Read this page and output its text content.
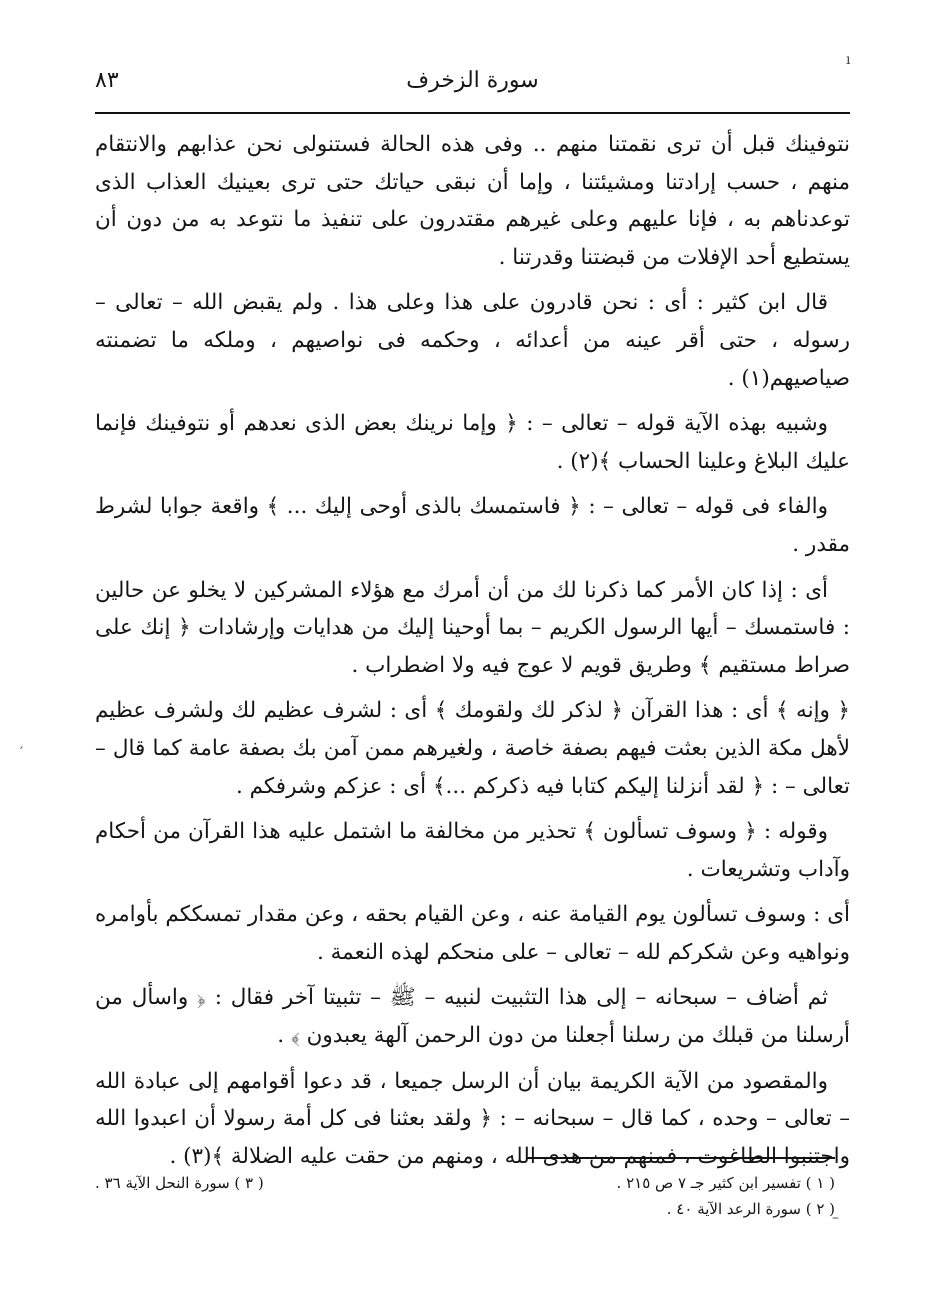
سورة الزخرف
٨٣

نتوفينك قبل أن ترى نقمتنا منهم .. وفى هذه الحالة فستنولى نحن عذابهم والانتقام منهم ، حسب إرادتنا ومشيئتنا ، وإما أن نبقى حياتك حتى ترى بعينيك العذاب الذى توعدناهم به ، فإنا عليهم وعلى غيرهم مقتدرون على تنفيذ ما نتوعد به من دون أن يستطيع أحد الإفلات من قبضتنا وقدرتنا .

قال ابن كثير : أى : نحن قادرون على هذا وعلى هذا . ولم يقبض الله – تعالى – رسوله ، حتى أقر عينه من أعدائه ، وحكمه فى نواصيهم ، وملكه ما تضمنته صياصيهم(١) .

وشبيه بهذه الآية قوله – تعالى – : ﴿ وإما نرينك بعض الذى نعدهم أو نتوفينك فإنما عليك البلاغ وعلينا الحساب ﴾(٢) .

والفاء فى قوله – تعالى – : ﴿ فاستمسك بالذى أوحى إليك ... ﴾ واقعة جوابا لشرط مقدر .

أى : إذا كان الأمر كما ذكرنا لك من أن أمرك مع هؤلاء المشركين لا يخلو عن حالين : فاستمسك – أيها الرسول الكريم – بما أوحينا إليك من هدايات وإرشادات ﴿ إنك على صراط مستقيم ﴾ وطريق قويم لا عوج فيه ولا اضطراب .

﴿ وإنه ﴾ أى : هذا القرآن ﴿ لذكر لك ولقومك ﴾ أى : لشرف عظيم لك ولشرف عظيم لأهل مكة الذين بعثت فيهم بصفة خاصة ، ولغيرهم ممن آمن بك بصفة عامة كما قال – تعالى – : ﴿ لقد أنزلنا إليكم كتابا فيه ذكركم ...﴾ أى : عزكم وشرفكم .

وقوله : ﴿ وسوف تسألون ﴾ تحذير من مخالفة ما اشتمل عليه هذا القرآن من أحكام وآداب وتشريعات .

أى : وسوف تسألون يوم القيامة عنه ، وعن القيام بحقه ، وعن مقدار تمسككم بأوامره ونواهيه وعن شكركم لله – تعالى – على منحكم لهذه النعمة .

ثم أضاف – سبحانه – إلى هذا التثبيت لنبيه – ﷺ – تثبيتا آخر فقال : ﴿ واسأل من أرسلنا من قبلك من رسلنا أجعلنا من دون الرحمن آلهة يعبدون ﴾ .

والمقصود من الآية الكريمة بيان أن الرسل جميعا ، قد دعوا أقوامهم إلى عبادة الله – تعالى – وحده ، كما قال – سبحانه – : ﴿ ولقد بعثنا فى كل أمة رسولا أن اعبدوا الله واجتنبوا الطاغوت ، فمنهم من هدى الله ، ومنهم من حقت عليه الضلالة ﴾(٣) .

( ١ ) تفسير ابن كثير جـ ٧ ص ٢١٥ .
( ٣ ) سورة النحل الآية ٣٦ .
( ٢ ) سورة الرعد الآية ٤٠ .
ı
′
–
